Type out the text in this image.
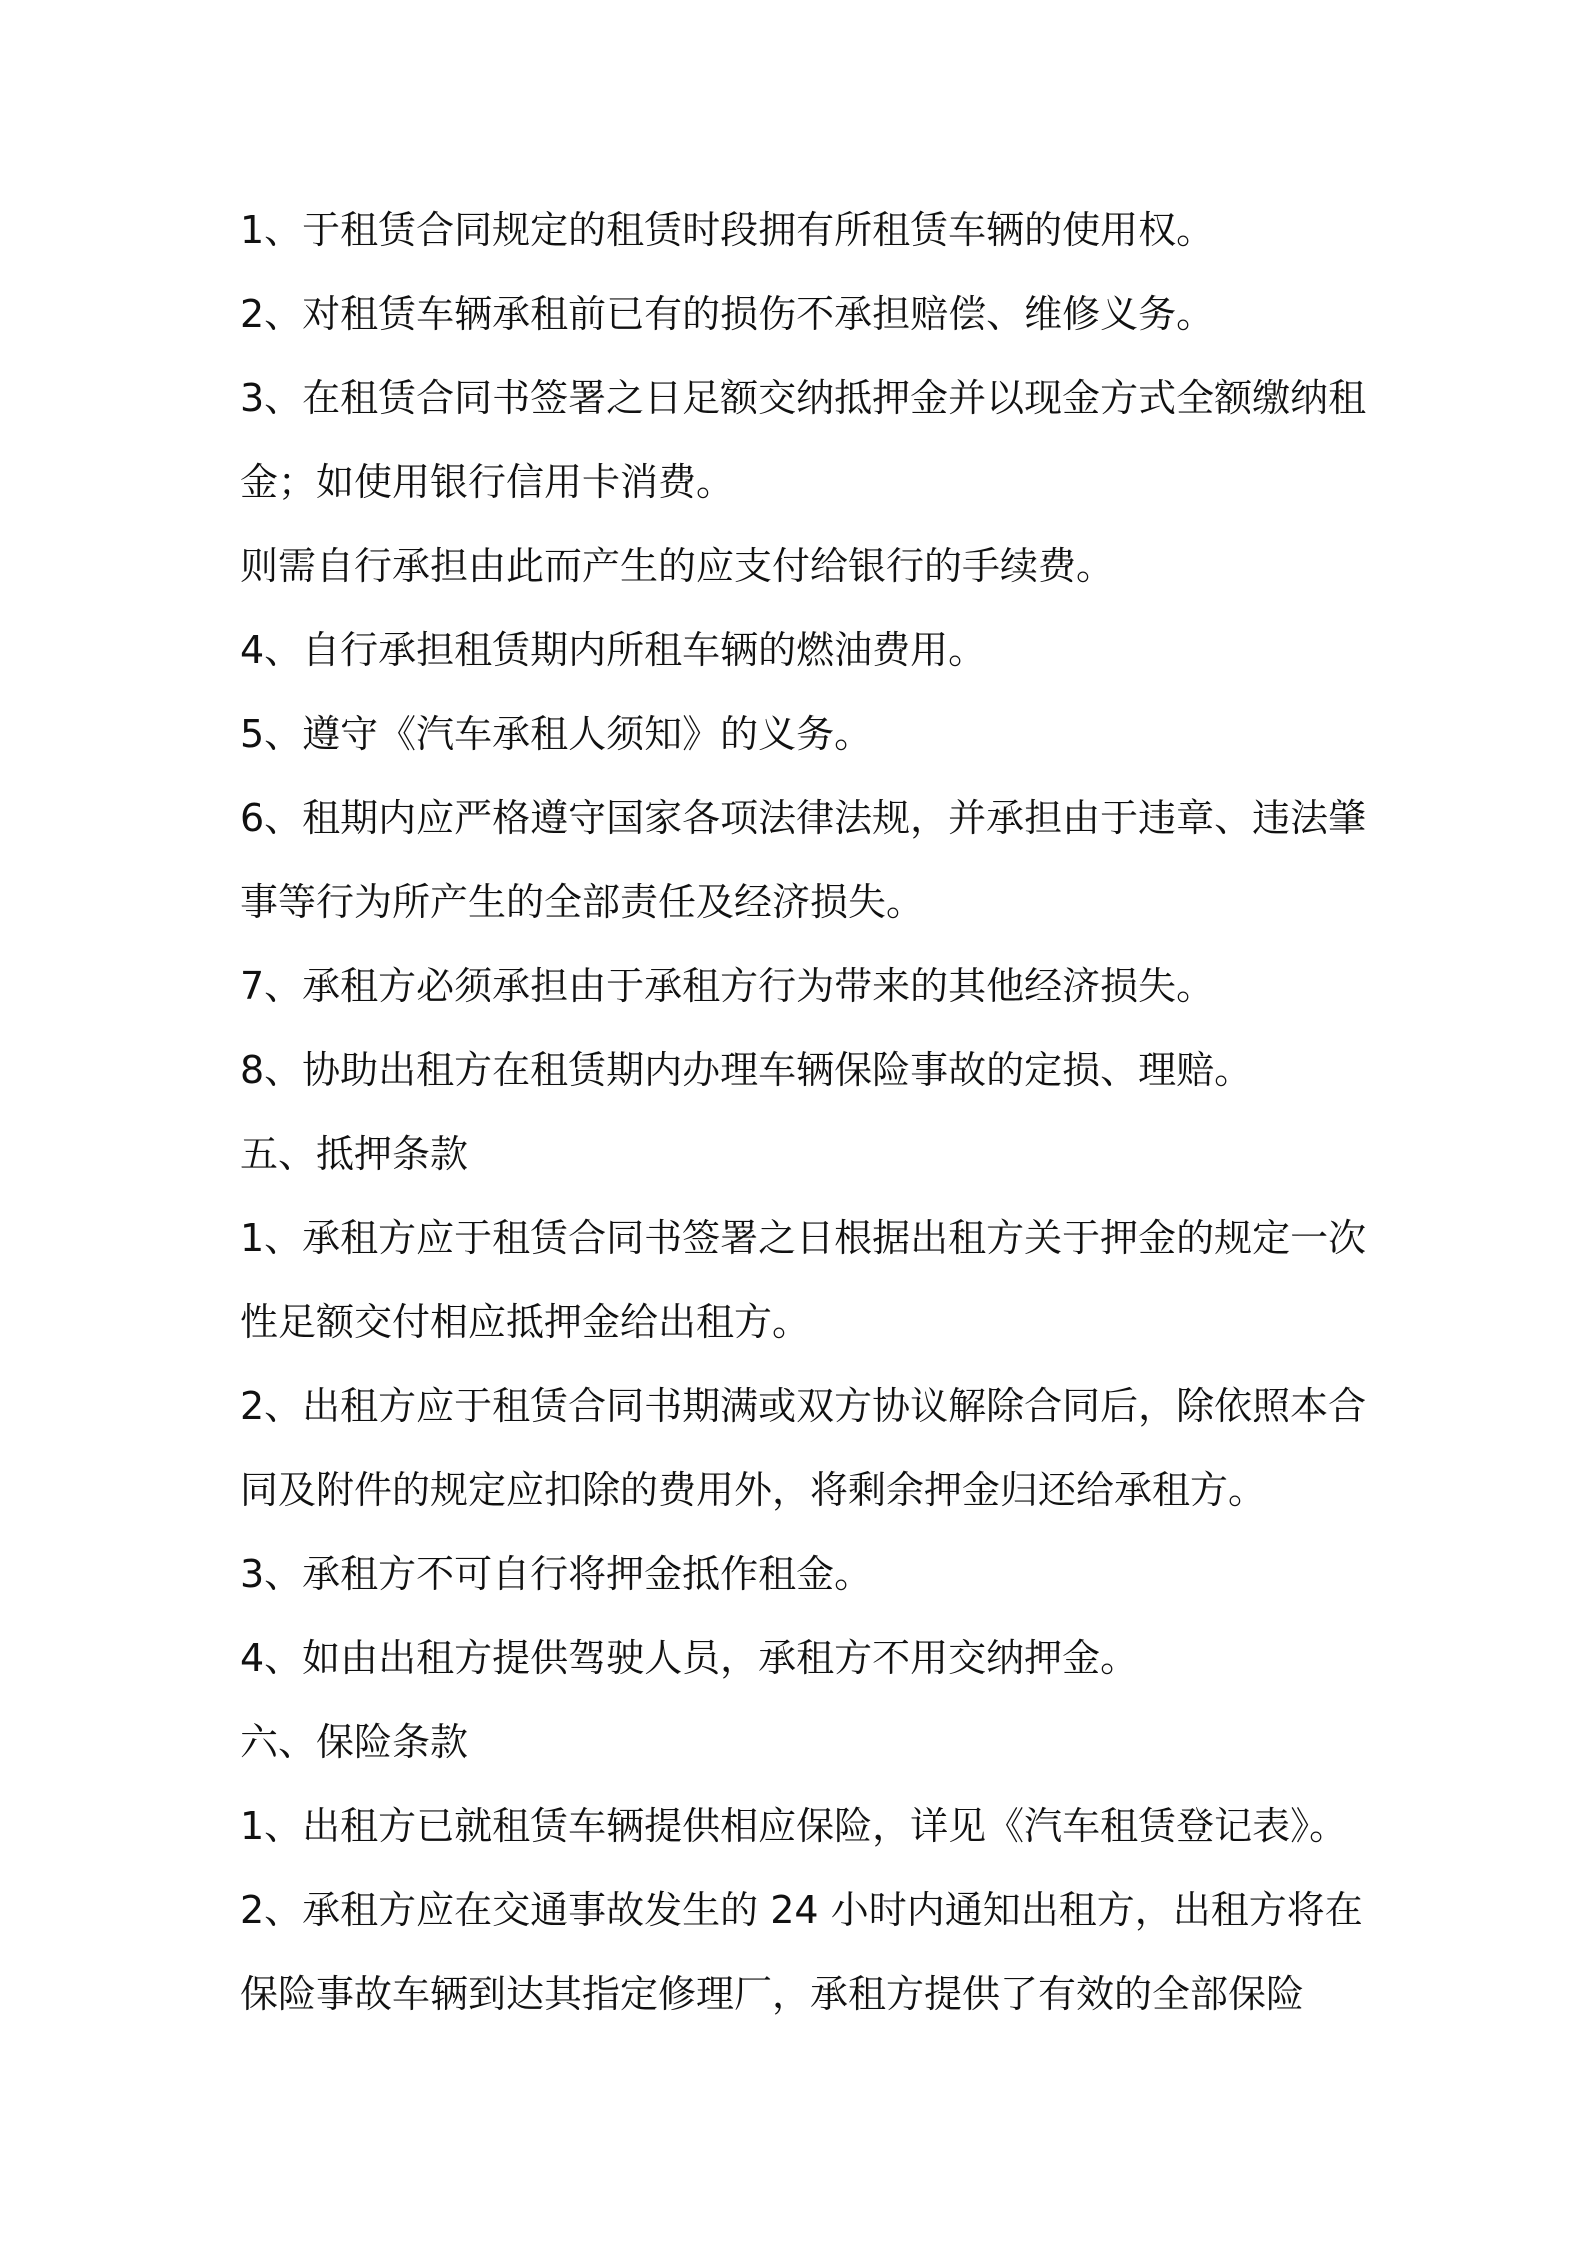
1、于租赁合同规定的租赁时段拥有所租赁车辆的使用权。
2、对租赁车辆承租前已有的损伤不承担赔偿、维修义务。
3、在租赁合同书签署之日足额交纳抵押金并以现金方式全额缴纳租
金；如使用银行信用卡消费。
则需自行承担由此而产生的应支付给银行的手续费。
4、自行承担租赁期内所租车辆的燃油费用。
5、遵守《汽车承租人须知》的义务。
6、租期内应严格遵守国家各项法律法规，并承担由于违章、违法肇
事等行为所产生的全部责任及经济损失。
7、承租方必须承担由于承租方行为带来的其他经济损失。
8、协助出租方在租赁期内办理车辆保险事故的定损、理赔。
五、抵押条款
1、承租方应于租赁合同书签署之日根据出租方关于押金的规定一次
性足额交付相应抵押金给出租方。
2、出租方应于租赁合同书期满或双方协议解除合同后，除依照本合
同及附件的规定应扣除的费用外，将剩余押金归还给承租方。
3、承租方不可自行将押金抵作租金。
4、如由出租方提供驾驶人员，承租方不用交纳押金。
六、保险条款
1、出租方已就租赁车辆提供相应保险，详见《汽车租赁登记表》。
2、承租方应在交通事故发生的 24 小时内通知出租方，出租方将在
保险事故车辆到达其指定修理厂，承租方提供了有效的全部保险
